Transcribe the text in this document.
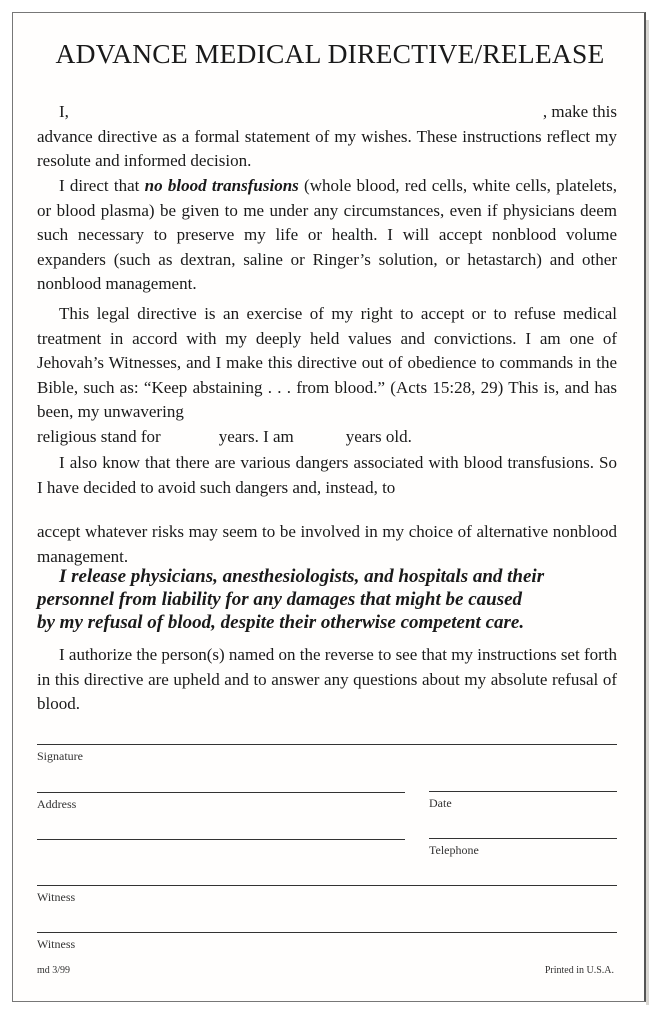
ADVANCE MEDICAL DIRECTIVE/RELEASE
I,	, make this
advance directive as a formal statement of my wishes. These instructions reflect my resolute and informed decision.
I direct that no blood transfusions (whole blood, red cells, white cells, platelets, or blood plasma) be given to me under any circumstances, even if physicians deem such necessary to preserve my life or health. I will accept nonblood volume expanders (such as dextran, saline or Ringer’s solution, or hetastarch) and other nonblood management.
This legal directive is an exercise of my right to accept or to refuse medical treatment in accord with my deeply held values and convictions. I am one of Jehovah’s Witnesses, and I make this directive out of obedience to commands in the Bible, such as: “Keep abstaining . . . from blood.” (Acts 15:28, 29) This is, and has been, my unwavering
religious stand for	years. I am	years old.
I also know that there are various dangers associated with blood transfusions. So I have decided to avoid such dangers and, instead, to
accept whatever risks may seem to be involved in my choice of alternative nonblood management.
I release physicians, anesthesiologists, and hospitals and their
personnel from liability for any damages that might be caused
by my refusal of blood, despite their otherwise competent care.
I authorize the person(s) named on the reverse to see that my instructions set forth in this directive are upheld and to answer any questions about my absolute refusal of blood.
Signature
Address	Date
Telephone
Witness
Witness
md 3/99	Printed in U.S.A.
